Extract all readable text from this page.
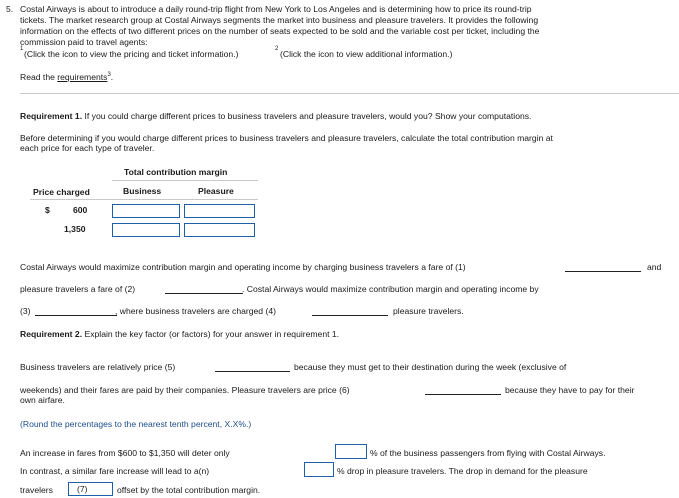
5. Costal Airways is about to introduce a daily round-trip flight from New York to Los Angeles and is determining how to price its round-trip
tickets. The market research group at Costal Airways segments the market into business and pleasure travelers. It provides the following
information on the effects of two different prices on the number of seats expected to be sold and the variable cost per ticket, including the
commission paid to travel agents:
$^1$ (Click the icon to view the pricing and ticket information.)	$^2$ (Click the icon to view additional information.)
Read the requirements$^3$.
Requirement 1. If you could charge different prices to business travelers and pleasure travelers, would you? Show your computations.
Before determining if you would charge different prices to business travelers and pleasure travelers, calculate the total contribution margin at
each price for each type of traveler.
Total contribution margin
Price charged	Business	Pleasure
$	600
1,350
Costal Airways would maximize contribution margin and operating income by charging business travelers a fare of (1)	and
pleasure travelers a fare of (2)	. Costal Airways would maximize contribution margin and operating income by
(3)	, where business travelers are charged (4)	pleasure travelers.
Requirement 2. Explain the key factor (or factors) for your answer in requirement 1.
Business travelers are relatively price (5)	because they must get to their destination during the week (exclusive of
weekends) and their fares are paid by their companies. Pleasure travelers are price (6)	because they have to pay for their
own airfare.
(Round the percentages to the nearest tenth percent, X.X%.)
An increase in fares from $600 to $1,350 will deter only	% of the business passengers from flying with Costal Airways.
In contrast, a similar fare increase will lead to a(n)	% drop in pleasure travelers. The drop in demand for the pleasure
travelers	(7)	offset by the total contribution margin.
